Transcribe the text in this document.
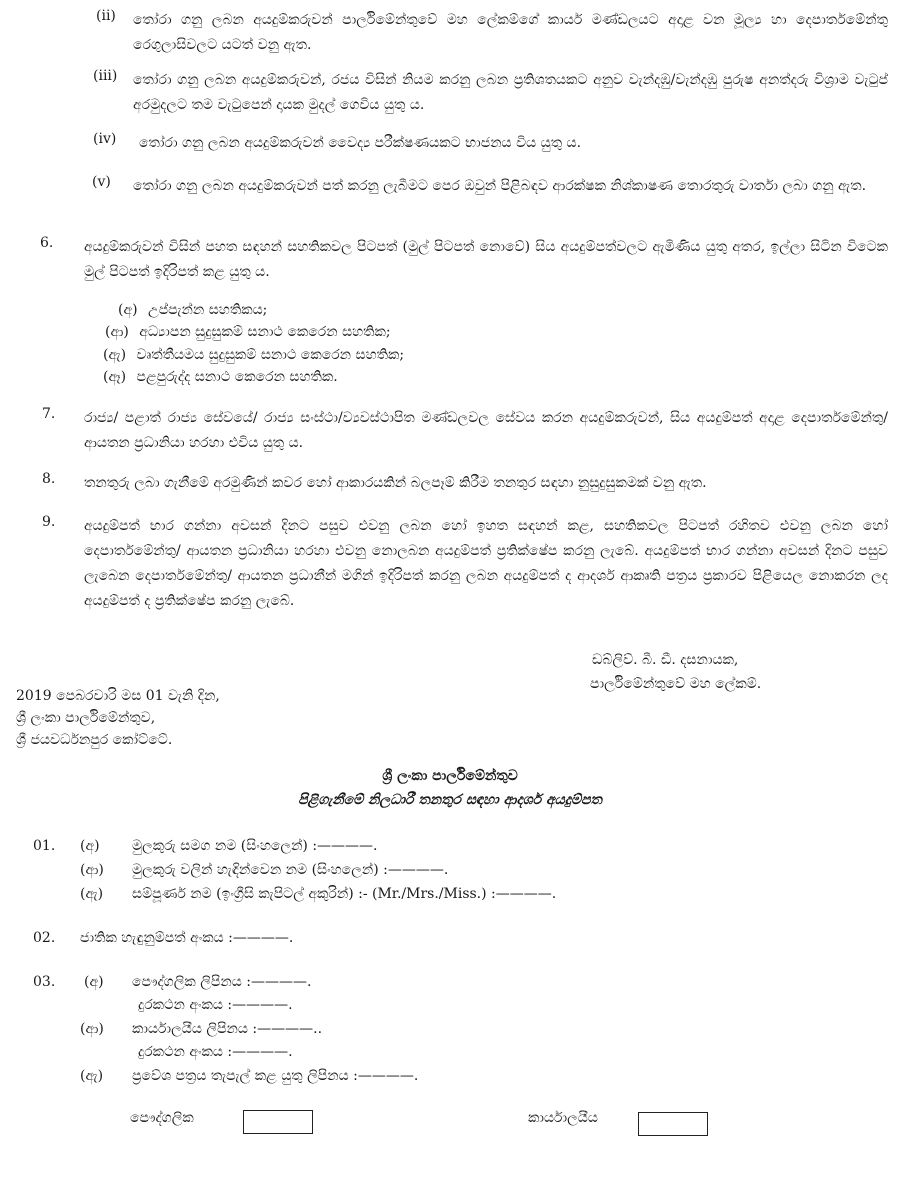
(ii) තෝරා ගනු ලබන අයදුම්කරුවන් පාර්ලිමේන්තුවේ මහ ලේකම්ගේ කාර්ය මණ්ඩලයට අදාළ වන මූල්‍ය හා දෙපාර්තමේන්තු රෙගුලාසිවලට යටත් වනු ඇත.
(iii) තෝරා ගනු ලබන අයදුම්කරුවන්, රජය විසින් නියම කරනු ලබන ප්‍රතිශතයකට අනුව වැන්දඹු/වැන්දඹු පුරුෂ අනත්දරු විශ්‍රාම වැටුප් අරමුදලට තම වැටුපෙන් දායක මුදල් ගෙවිය යුතු ය.
(iv) තෝරා ගනු ලබන අයදුම්කරුවන් වෛද්‍ය පරීක්ෂණයකට භාජනය විය යුතු ය.
(v) තෝරා ගනු ලබන අයදුම්කරුවන් පත් කරනු ලැබීමට පෙර ඔවුන් පිළිබඳව ආරක්ෂක නිශ්කාෂණ තොරතුරු වාර්තා ලබා ගනු ඇත.
6. අයදුම්කරුවන් විසින් පහත සඳහන් සහතිකවල පිටපත් (මුල් පිටපත් නොවේ) සිය අයදුම්පත්වලට ඇමිණිය යුතු අතර, ඉල්ලා සිටින විටෙක මුල් පිටපත් ඉදිරිපත් කළ යුතු ය.
(අ) උප්පැන්න සහතිකය;
(ආ) අධ්‍යාපන සුදුසුකම් සනාථ කෙරෙන සහතික;
(ඇ) වෘත්තීයමය සුදුසුකම් සනාථ කෙරෙන සහතික;
(ඈ) පළපුරුද්ද සනාථ කෙරෙන සහතික.
7. රාජ්‍ය/ පළාත් රාජ්‍ය සේවයේ/ රාජ්‍ය සංස්ථා/ව්‍යවස්ථාපිත මණ්ඩලවල සේවය කරන අයදුම්කරුවන්, සිය අයදුම්පත් අදාළ දෙපාර්තමේන්තු/ආයතන ප්‍රධානියා හරහා එවිය යුතු ය.
8. තනතුරු ලබා ගැනීමේ අරමුණින් කවර හෝ ආකාරයකින් බලපෑම් කිරීම තනතුර සඳහා නුසුදුසුකමක් වනු ඇත.
9. අයදුම්පත් භාර ගන්නා අවසන් දිනට පසුව එවනු ලබන හෝ ඉහත සඳහන් කළ, සහතිකවල පිටපත් රහිතව එවනු ලබන හෝ දෙපාර්තමේන්තු/ ආයතන ප්‍රධානියා හරහා එවනු නොලබන අයදුම්පත් ප්‍රතික්ෂේප කරනු ලැබේ. අයදුම්පත් භාර ගන්නා අවසන් දිනට පසුව ලැබෙන දෙපාර්තමේන්තු/ ආයතන ප්‍රධානීන් මගින් ඉදිරිපත් කරනු ලබන අයදුම්පත් ද ආදර්ශ ආකෘති පත්‍රය ප්‍රකාරව පිළියෙල නොකරන ලද අයදුම්පත් ද ප්‍රතික්ෂේප කරනු ලැබේ.
ඩබ්ලිව්. බී. ඩී. දසනායක,
පාර්ලිමේන්තුවේ මහ ලේකම්.
2019 පෙබරවාරි මස 01 වැනි දින,
ශ්‍රී ලංකා පාර්ලිමේන්තුව,
ශ්‍රී ජයවර්ධනපුර කෝට්ටේ.
ශ්‍රී ලංකා පාර්ලිමේන්තුව
පිළිගැනීමේ නිලධාරී තනතුර සඳහා ආදර්ශ අයදුම්පත
01. (අ) මුලකුරු සමග නම (සිංහලෙන්) :————.
(ආ) මුලකුරු වලින් හැඳින්වෙන නම (සිංහලෙන්) :————.
(ඇ) සම්පූර්ණ නම (ඉංග්‍රීසි කැපිටල් අකුරින්) :- (Mr./Mrs./Miss.) :————.
02. ජාතික හැඳුනුම්පත් අංකය :————.
03. (අ) පෞද්ගලික ලිපිනය :————.
දුරකථන අංකය :————.
(ආ) කාර්යාලයීය ලිපිනය :————..
දුරකථන අංකය :————.
(ඇ) ප්‍රවේශ පත්‍රය තැපැල් කළ යුතු ලිපිනය :————.
පෞද්ගලික	කාර්යාලයීය
